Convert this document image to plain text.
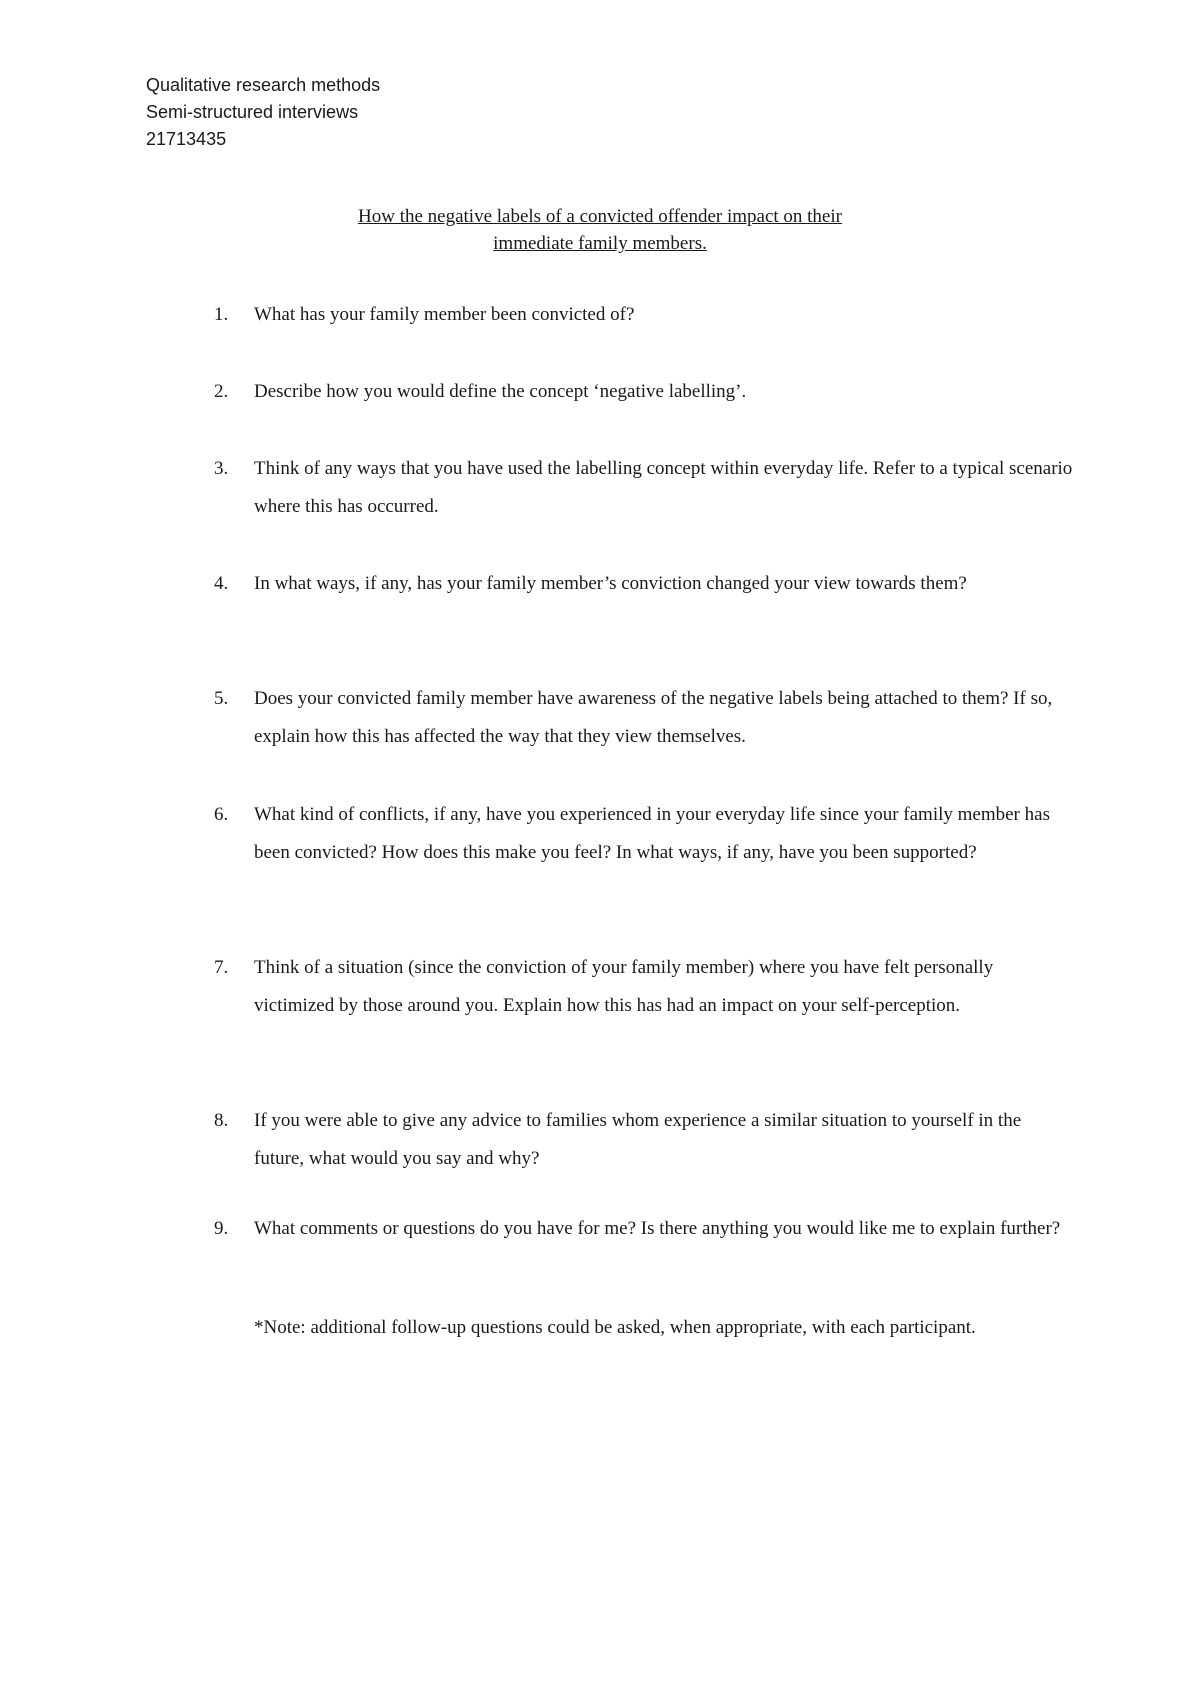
Qualitative research methods
Semi-structured interviews
21713435
How the negative labels of a convicted offender impact on their
immediate family members.
1. What has your family member been convicted of?
2. Describe how you would define the concept ‘negative labelling’.
3. Think of any ways that you have used the labelling concept within everyday life. Refer to a typical scenario where this has occurred.
4. In what ways, if any, has your family member’s conviction changed your view towards them?
5. Does your convicted family member have awareness of the negative labels being attached to them? If so, explain how this has affected the way that they view themselves.
6. What kind of conflicts, if any, have you experienced in your everyday life since your family member has been convicted? How does this make you feel? In what ways, if any, have you been supported?
7. Think of a situation (since the conviction of your family member) where you have felt personally victimized by those around you. Explain how this has had an impact on your self-perception.
8. If you were able to give any advice to families whom experience a similar situation to yourself in the future, what would you say and why?
9. What comments or questions do you have for me? Is there anything you would like me to explain further?
*Note: additional follow-up questions could be asked, when appropriate, with each participant.
